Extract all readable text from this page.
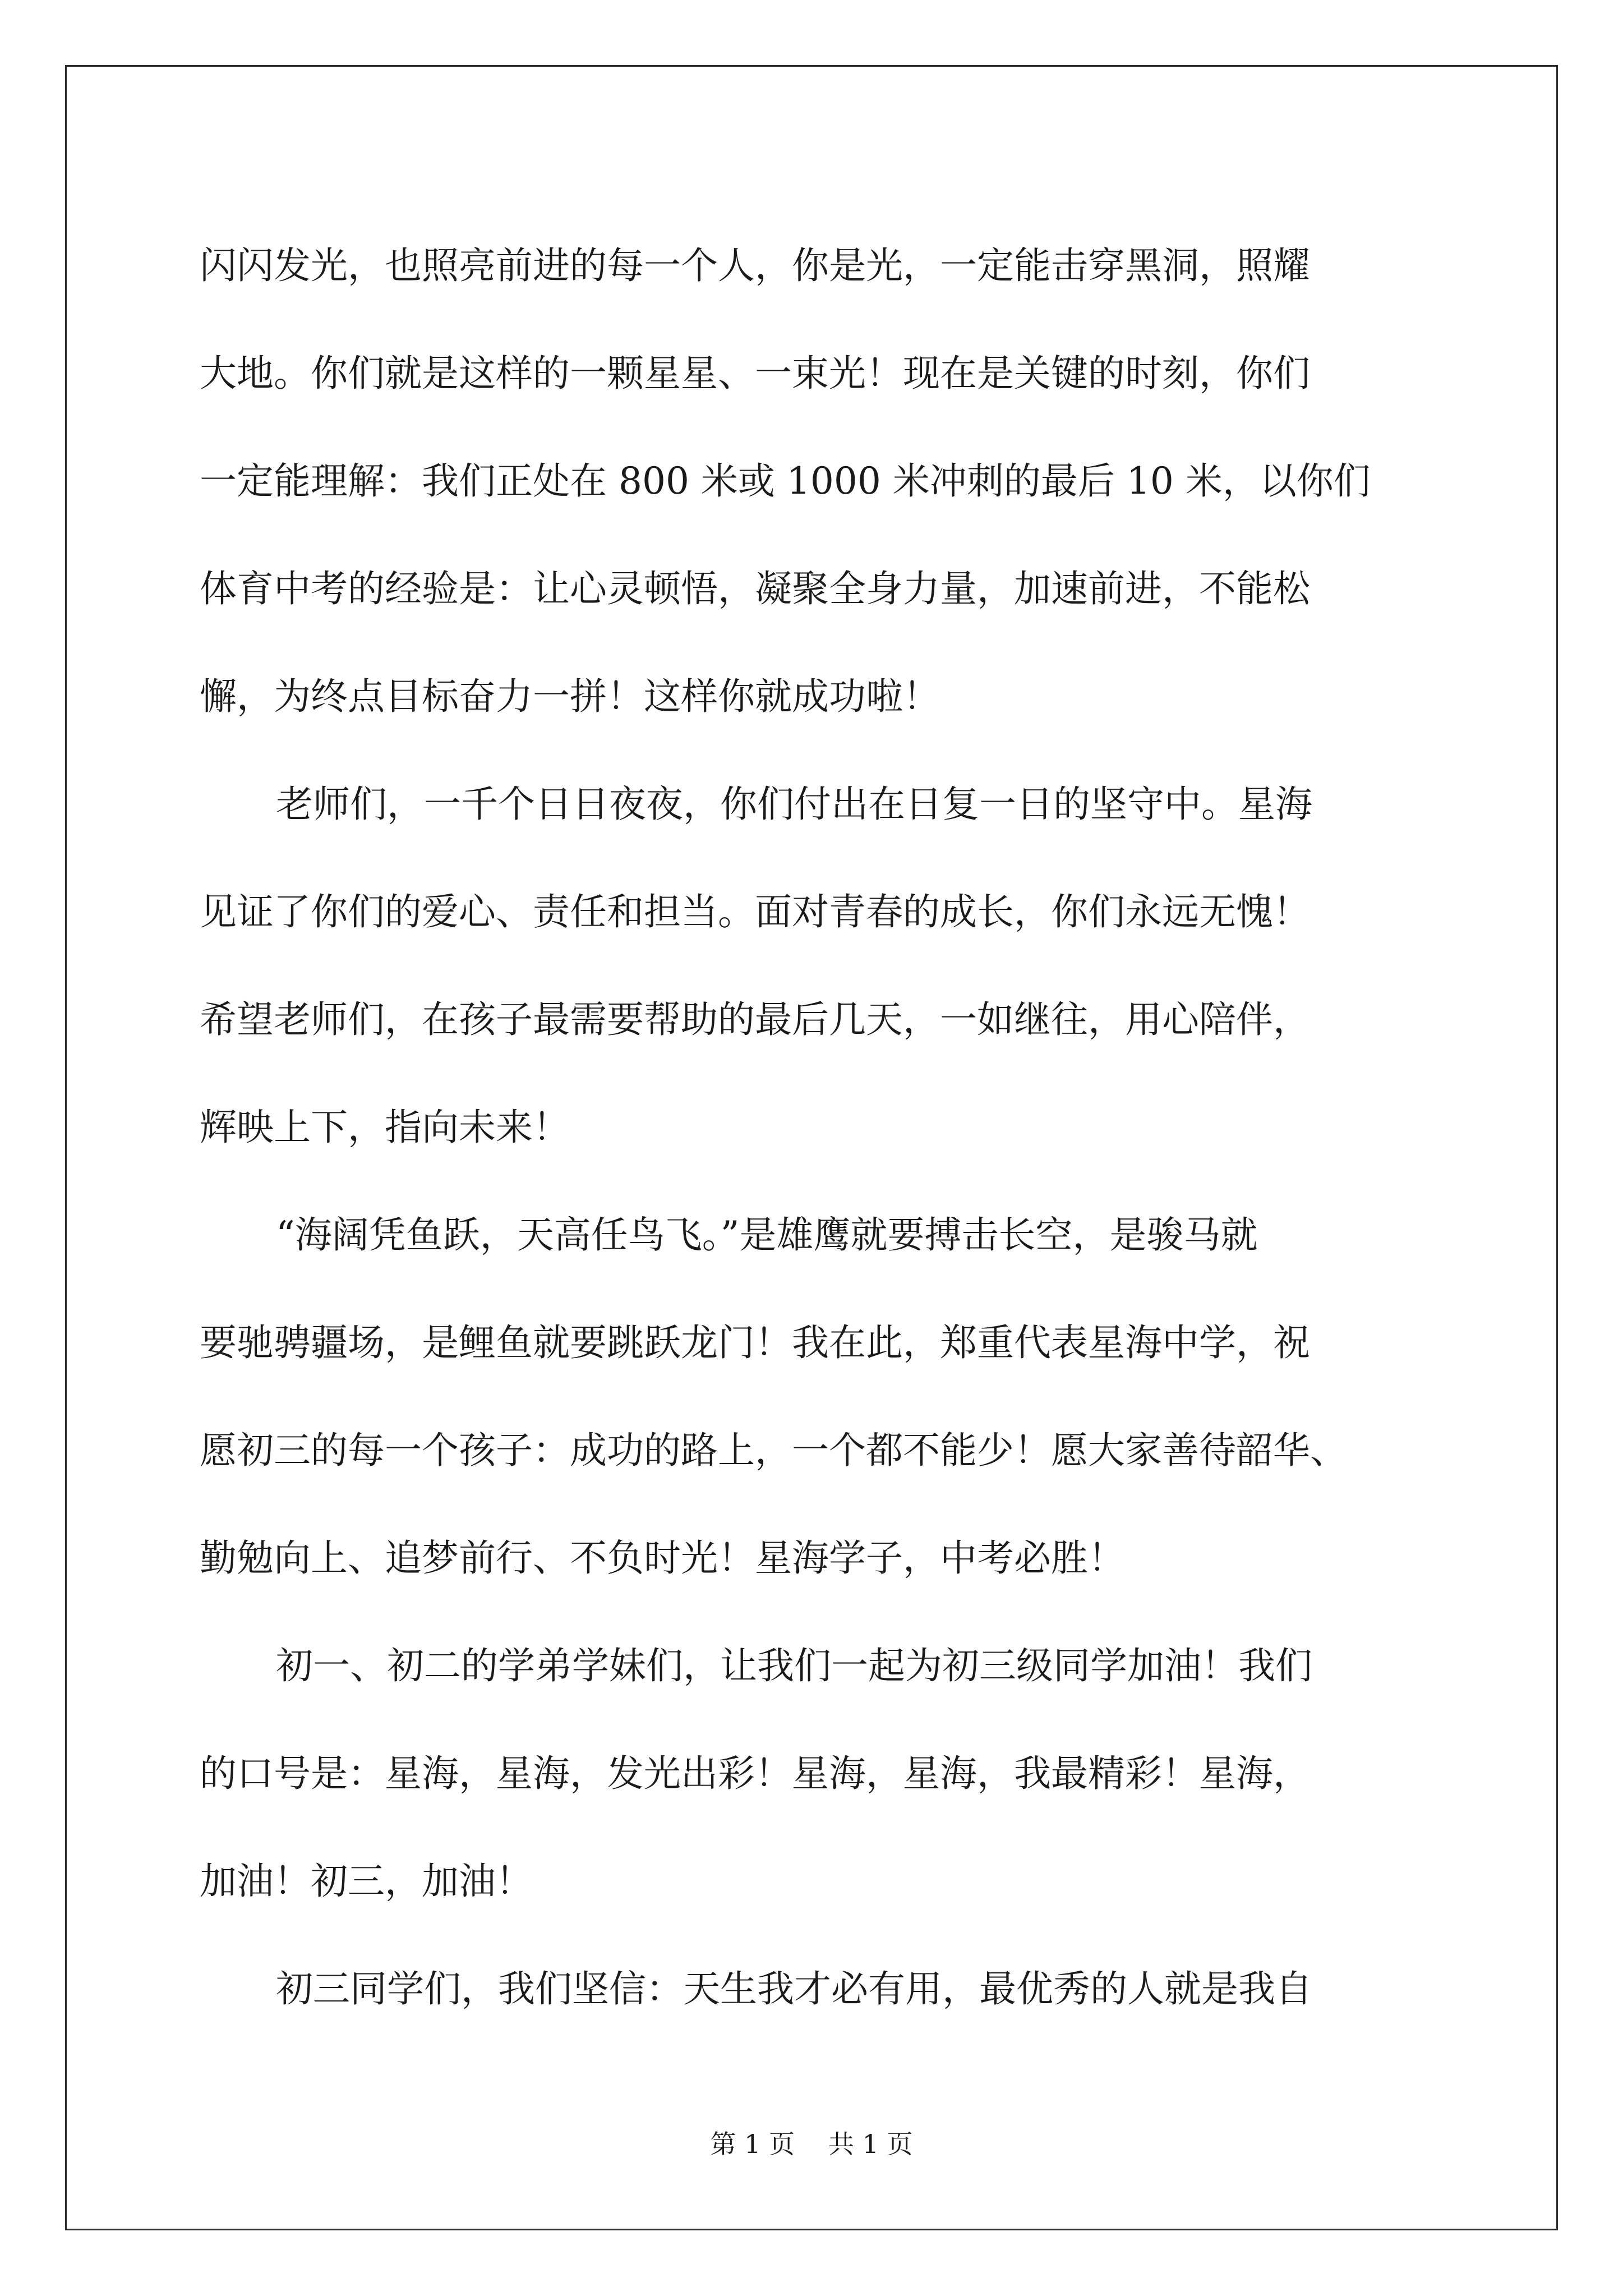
闪闪发光，也照亮前进的每一个人，你是光，一定能击穿黑洞，照耀
大地。你们就是这样的一颗星星、一束光！现在是关键的时刻，你们
一定能理解：我们正处在 800 米或 1000 米冲刺的最后 10 米，以你们
体育中考的经验是：让心灵顿悟，凝聚全身力量，加速前进，不能松
懈，为终点目标奋力一拼！这样你就成功啦！
老师们，一千个日日夜夜，你们付出在日复一日的坚守中。星海
见证了你们的爱心、责任和担当。面对青春的成长，你们永远无愧！
希望老师们，在孩子最需要帮助的最后几天，一如继往，用心陪伴，
辉映上下，指向未来！
“海阔凭鱼跃，天高任鸟飞。”是雄鹰就要搏击长空，是骏马就
要驰骋疆场，是鲤鱼就要跳跃龙门！我在此，郑重代表星海中学，祝
愿初三的每一个孩子：成功的路上，一个都不能少！愿大家善待韶华、
勤勉向上、追梦前行、不负时光！星海学子，中考必胜！
初一、初二的学弟学妹们，让我们一起为初三级同学加油！我们
的口号是：星海，星海，发光出彩！星海，星海，我最精彩！星海，
加油！初三，加油！
初三同学们，我们坚信：天生我才必有用，最优秀的人就是我自
第 1 页 共 1 页
